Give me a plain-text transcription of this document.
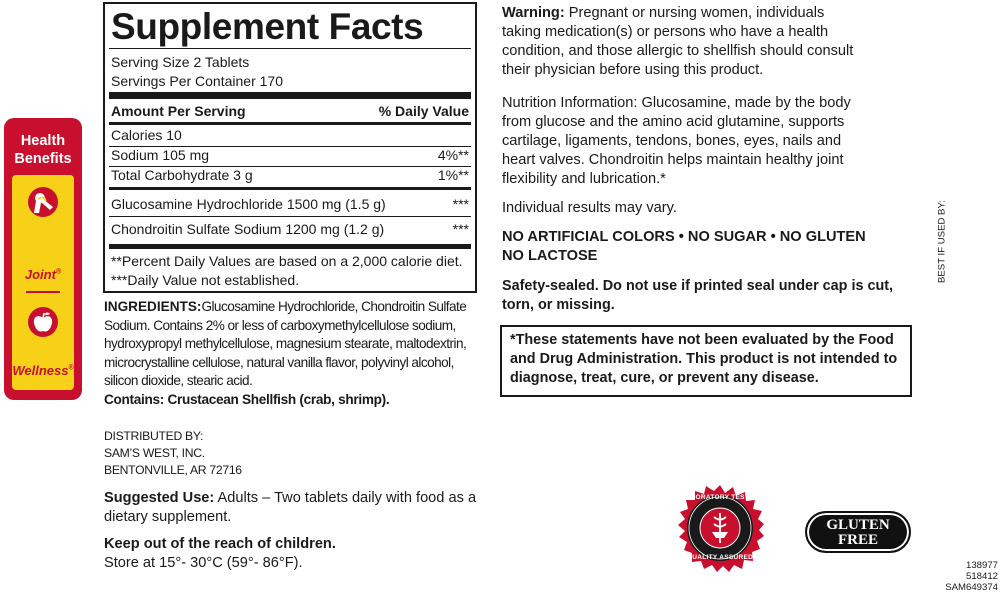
Health
Benefits
Joint®
Wellness®
Supplement Facts
Serving Size 2 Tablets
Servings Per Container 170
Amount Per Serving	% Daily Value
Calories 10
Sodium 105 mg	4%**
Total Carbohydrate 3 g	1%**
Glucosamine Hydrochloride 1500 mg (1.5 g)	***
Chondroitin Sulfate Sodium 1200 mg (1.2 g)	***
**Percent Daily Values are based on a 2,000 calorie diet.
***Daily Value not established.
INGREDIENTS:Glucosamine Hydrochloride, Chondroitin Sulfate
Sodium. Contains 2% or less of carboxymethylcellulose sodium,
hydroxypropyl methylcellulose, magnesium stearate, maltodextrin,
microcrystalline cellulose, natural vanilla flavor, polyvinyl alcohol,
silicon dioxide, stearic acid.
Contains: Crustacean Shellfish (crab, shrimp).
DISTRIBUTED BY:
SAM’S WEST, INC.
BENTONVILLE, AR 72716
Suggested Use: Adults – Two tablets daily with food as a
dietary supplement.
Keep out of the reach of children.
Store at 15°- 30°C (59°- 86°F).

Warning: Pregnant or nursing women, individuals

taking medication(s) or persons who have a health

condition, and those allergic to shellfish should consult

their physician before using this product.

Nutrition Information: Glucosamine, made by the body

from glucose and the amino acid glutamine, supports

cartilage, ligaments, tendons, bones, eyes, nails and

heart valves. Chondroitin helps maintain healthy joint

flexibility and lubrication.*

Individual results may vary.
NO ARTIFICIAL COLORS • NO SUGAR • NO GLUTEN
NO LACTOSE
Safety-sealed. Do not use if printed seal under cap is cut,
torn, or missing.
*These statements have not been evaluated by the Food
and Drug Administration. This product is not intended to
diagnose, treat, cure, or prevent any disease.
LABORATORY TESTED
QUALITY ASSURED
GLUTEN
FREE
BEST IF USED BY:
138977
518412
SAM649374
